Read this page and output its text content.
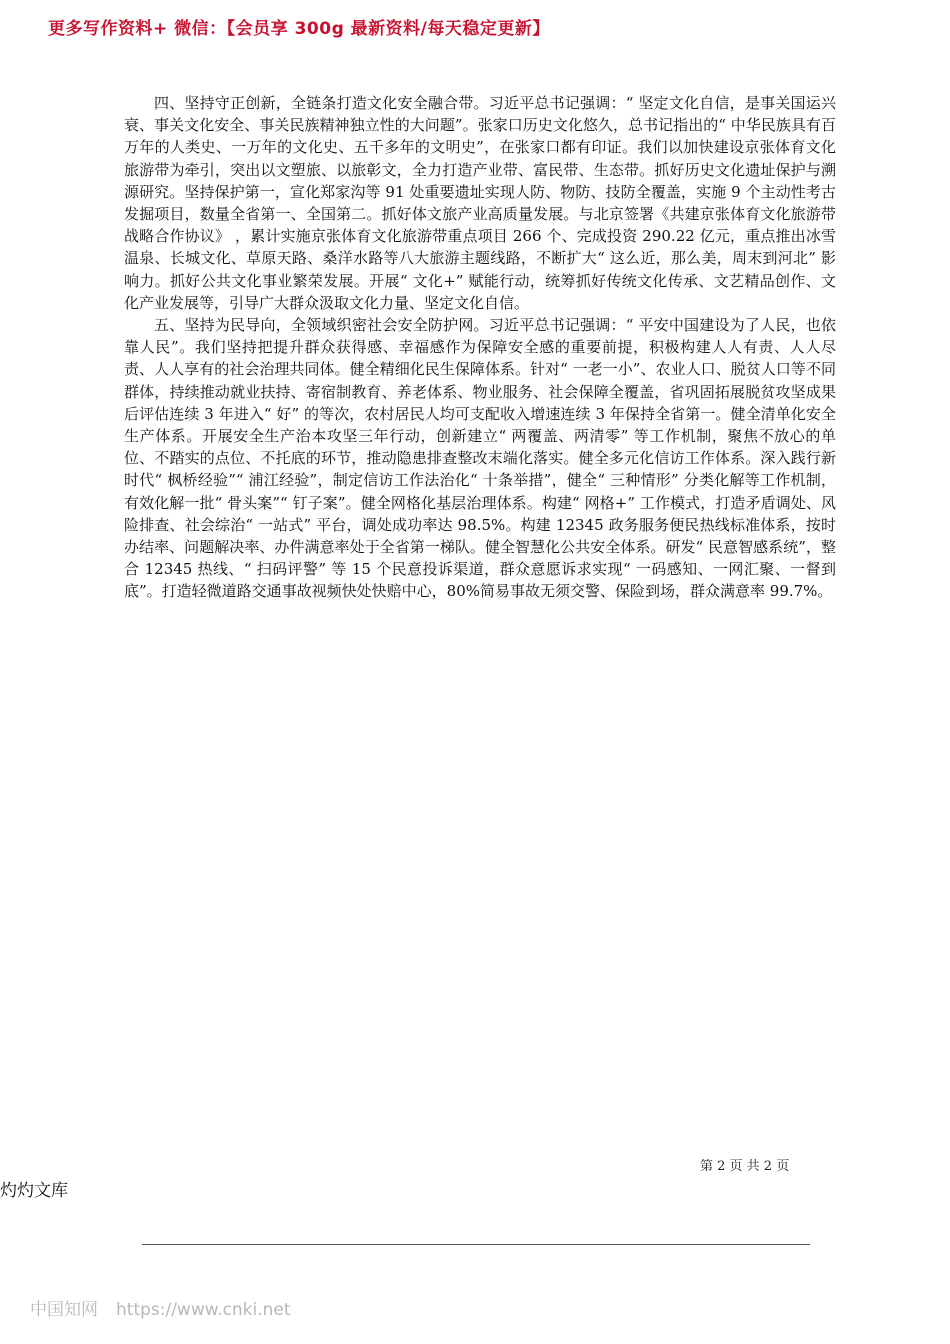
更多写作资料+ 微信：【会员享 300g 最新资料/每天稳定更新】

四、坚持守正创新，全链条打造文化安全融合带。习近平总书记强调：“ 坚定文化自信，是事关国运兴衰、事关文化安全、事关民族精神独立性的大问题”。张家口历史文化悠久，总书记指出的“ 中华民族具有百万年的人类史、一万年的文化史、五千多年的文明史”，在张家口都有印证。我们以加快建设京张体育文化旅游带为牵引，突出以文塑旅、以旅彰文，全力打造产业带、富民带、生态带。抓好历史文化遗址保护与溯源研究。坚持保护第一，宣化郑家沟等 91 处重要遗址实现人防、物防、技防全覆盖，实施 9 个主动性考古发掘项目，数量全省第一、全国第二。抓好体文旅产业高质量发展。与北京签署《共建京张体育文化旅游带战略合作协议》 ，累计实施京张体育文化旅游带重点项目 266 个、完成投资 290.22 亿元，重点推出冰雪温泉、长城文化、草原天路、桑洋水路等八大旅游主题线路，不断扩大“ 这么近，那么美，周末到河北” 影响力。抓好公共文化事业繁荣发展。开展“ 文化+” 赋能行动，统筹抓好传统文化传承、文艺精品创作、文化产业发展等，引导广大群众汲取文化力量、坚定文化自信。

五、坚持为民导向，全领域织密社会安全防护网。习近平总书记强调：“ 平安中国建设为了人民，也依靠人民”。我们坚持把提升群众获得感、幸福感作为保障安全感的重要前提，积极构建人人有责、人人尽责、人人享有的社会治理共同体。健全精细化民生保障体系。针对“ 一老一小”、农业人口、脱贫人口等不同群体，持续推动就业扶持、寄宿制教育、养老体系、物业服务、社会保障全覆盖，省巩固拓展脱贫攻坚成果后评估连续 3 年进入“ 好” 的等次，农村居民人均可支配收入增速连续 3 年保持全省第一。健全清单化安全生产体系。开展安全生产治本攻坚三年行动，创新建立“ 两覆盖、两清零” 等工作机制，聚焦不放心的单位、不踏实的点位、不托底的环节，推动隐患排查整改末端化落实。健全多元化信访工作体系。深入践行新时代“ 枫桥经验”“ 浦江经验”，制定信访工作法治化“ 十条举措”，健全“ 三种情形” 分类化解等工作机制，有效化解一批“ 骨头案”“ 钉子案”。健全网格化基层治理体系。构建“ 网格+” 工作模式，打造矛盾调处、风险排查、社会综治“ 一站式” 平台，调处成功率达 98.5%。构建 12345 政务服务便民热线标准体系，按时办结率、问题解决率、办件满意率处于全省第一梯队。健全智慧化公共安全体系。研发“ 民意智感系统”，整合 12345 热线、“ 扫码评警” 等 15 个民意投诉渠道，群众意愿诉求实现“ 一码感知、一网汇聚、一督到底”。打造轻微道路交通事故视频快处快赔中心，80%简易事故无须交警、保险到场，群众满意率 99.7%。

第 2 页 共 2 页
灼灼文库
中国知网 https://www.cnki.net
